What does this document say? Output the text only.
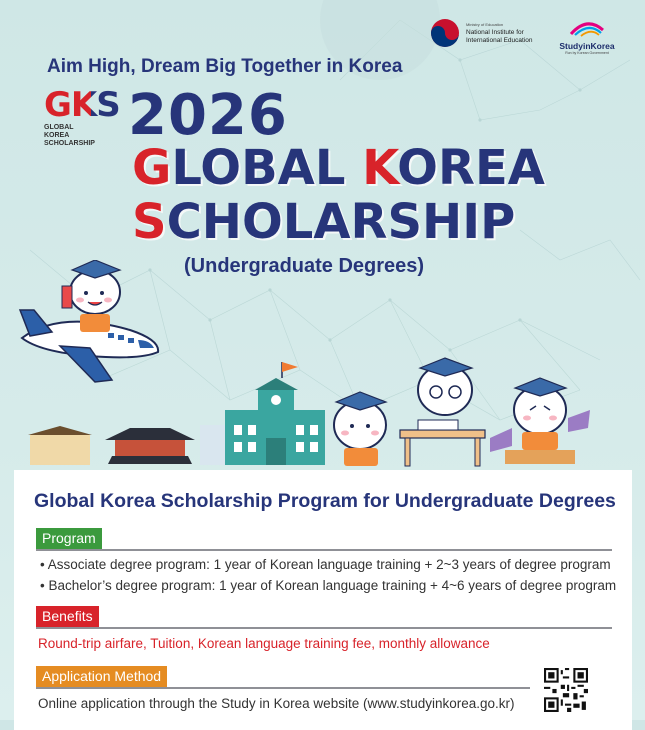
Ministry of Education
National Institute for
International Education
StudyinKorea
Run by Korean Government
Aim High, Dream Big Together in Korea
GKS
GLOBAL
KOREA
SCHOLARSHIP 2026
GLOBAL KOREA
SCHOLARSHIP
(Undergraduate Degrees)
Global Korea Scholarship Program for Undergraduate Degrees
Program
• Associate degree program: 1 year of Korean language training + 2~3 years of degree program
• Bachelor’s degree program: 1 year of Korean language training + 4~6 years of degree program
Benefits
Round-trip airfare, Tuition, Korean language training fee, monthly allowance
Application Method
Online application through the Study in Korea website (www.studyinkorea.go.kr)
